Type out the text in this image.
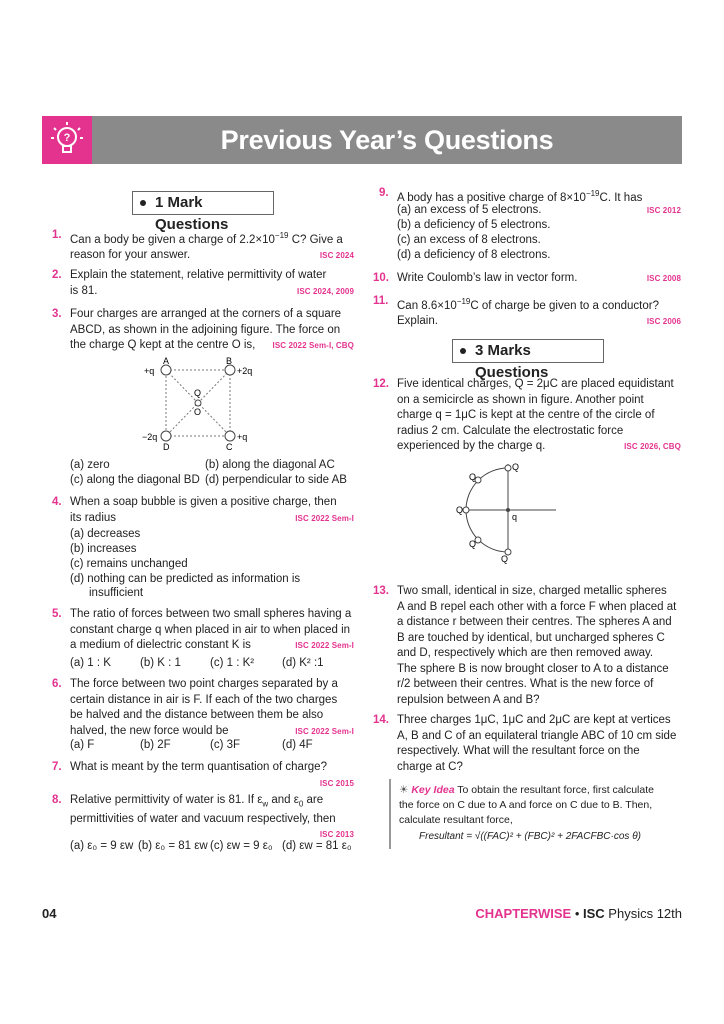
?	Previous Year’s Questions
1 Mark Questions
1. Can a body be given a charge of $2.2\times 10^{-19}$ C? Give a
reason for your answer.	ISC 2024
2. Explain the statement, relative permittivity of water
is 81.	ISC 2024, 2009
3. Four charges are arranged at the corners of a square
ABCD, as shown in the adjoining figure. The force on
the charge Q kept at the centre O is, ISC 2022 Sem-I, CBQ
A	B
D	C
+q	+2q
−2q	+q
Q
O
(a) zero	(b) along the diagonal AC
(c) along the diagonal BD (d) perpendicular to side AB
4. When a soap bubble is given a positive charge, then
its radius	ISC 2022 Sem-I
(a) decreases
(b) increases
(c) remains unchanged
(d) nothing can be predicted as information is
insufficient
5. The ratio of forces between two small spheres having a
constant charge q when placed in air to when placed in
a medium of dielectric constant K is	ISC 2022 Sem-I
(a) 1 : K	(b) K : 1	(c) 1 : K² (d) K² :1
6. The force between two point charges separated by a
certain distance in air is F. If each of the two charges
be halved and the distance between them be also
halved, the new force would be	ISC 2022 Sem-I
(a) F	(b) 2F	(c) 3F	(d) 4F
7. What is meant by the term quantisation of charge?

ISC 2015
8. Relative permittivity of water is 81. If $\varepsilon_w$ and $\varepsilon_0$ are
permittivities of water and vacuum respectively, then

ISC 2013
(a) ε₀ = 9 εw (b) ε₀ = 81 εw (c) εw = 9 ε₀ (d) εw = 81 ε₀
9. A body has a positive charge of $8\times 10^{-19}C$. It has
(a) an excess of 5 electrons.	ISC 2012
(b) a deficiency of 5 electrons.
(c) an excess of 8 electrons.
(d) a deficiency of 8 electrons.
10. Write Coulomb’s law in vector form.	ISC 2008
11. Can $8.6\times 10^{-19}C$ of charge be given to a conductor?
Explain.	ISC 2006
3 Marks Questions
12. Five identical charges, Q = 2μC are placed equidistant
on a semicircle as shown in figure. Another point
charge q = 1μC is kept at the centre of the circle of
radius 2 cm. Calculate the electrostatic force
experienced by the charge q.	ISC 2026, CBQ
Q
Q
Q
Q
Q
q
13. Two small, identical in size, charged metallic spheres
A and B repel each other with a force F when placed at
a distance r between their centres. The spheres A and
B are touched by identical, but uncharged spheres C
and D, respectively which are then removed away.
The sphere B is now brought closer to A to a distance
r/2 between their centres. What is the new force of
repulsion between A and B?
14. Three charges 1μC, 1μC and 2μC are kept at vertices
A, B and C of an equilateral triangle ABC of 10 cm side
respectively. What will the resultant force on the
charge at C?
☀ Key Idea To obtain the resultant force, first calculate
the force on C due to A and force on C due to B. Then,
calculate resultant force,
Fresultant = √((FAC)² + (FBC)² + 2FACFBC·cos θ)
04	CHAPTERWISE • ISC Physics 12th
